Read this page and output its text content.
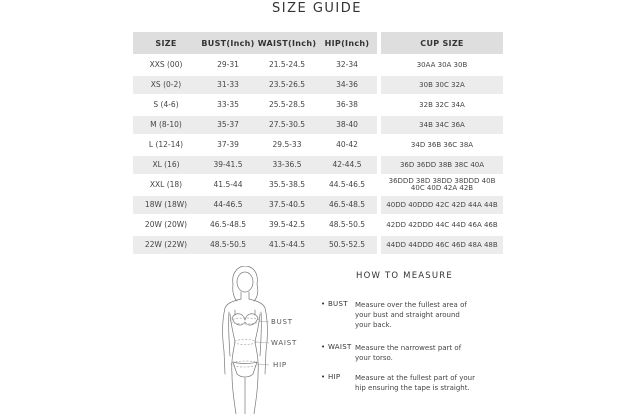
SIZE GUIDE
SIZE	BUST(Inch)	WAIST(Inch)	HIP(Inch)	CUP SIZE
XXS (00)	29-31	21.5-24.5	32-34	30AA 30A 30B
XS (0-2)	31-33	23.5-26.5	34-36	30B 30C 32A
S (4-6)	33-35	25.5-28.5	36-38	32B 32C 34A
M (8-10)	35-37	27.5-30.5	38-40	34B 34C 36A
L (12-14)	37-39	29.5-33	40-42	34D 36B 36C 38A
XL (16)	39-41.5	33-36.5	42-44.5	36D 36DD 38B 38C 40A
XXL (18)	41.5-44	35.5-38.5	44.5-46.5	36DDD 38D 38DD 38DDD 40B 40C 40D 42A 42B
18W (18W)	44-46.5	37.5-40.5	46.5-48.5	40DD 40DDD 42C 42D 44A 44B
20W (20W)	46.5-48.5	39.5-42.5	48.5-50.5	42DD 42DDD 44C 44D 46A 46B
22W (22W)	48.5-50.5	41.5-44.5	50.5-52.5	44DD 44DDD 46C 46D 48A 48B
BUST
WAIST
HIP
HOW TO MEASURE
• BUST Measure over the fullest area of your bust and straight around your back.
• WAIST Measure the narrowest part of your torso.
• HIP Measure at the fullest part of your hip ensuring the tape is straight.
